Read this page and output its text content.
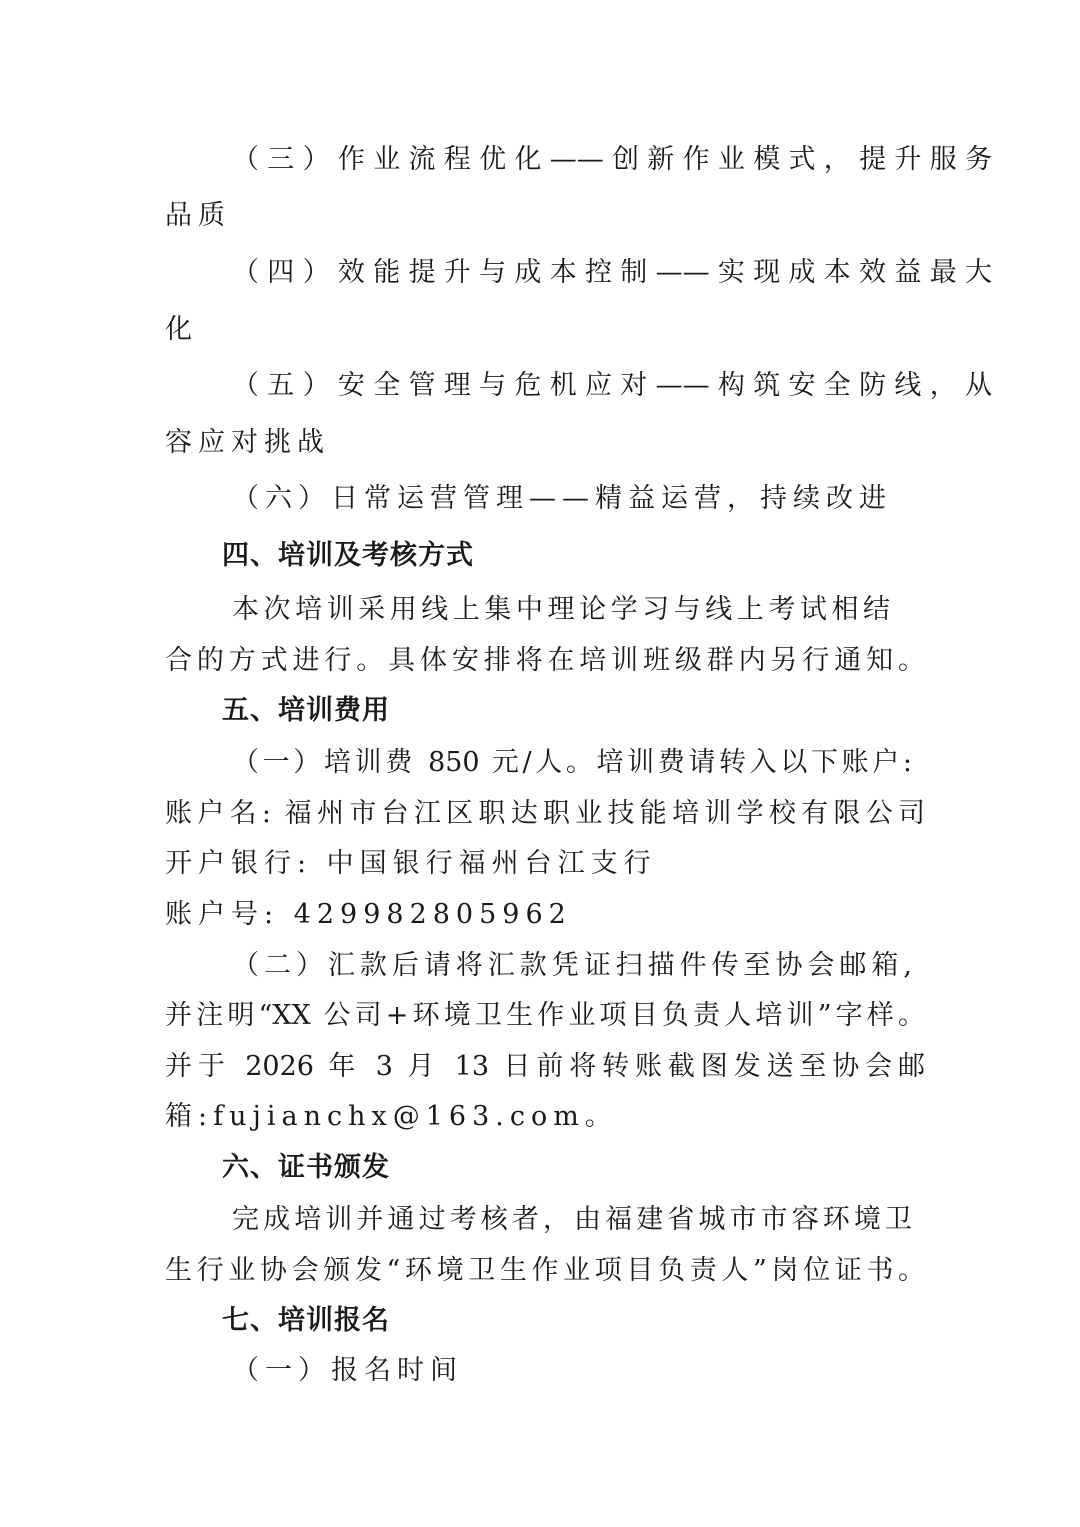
（三）作业流程优化——创新作业模式，提升服务
品质
（四）效能提升与成本控制——实现成本效益最大
化
（五）安全管理与危机应对——构筑安全防线，从
容应对挑战
（六）日常运营管理——精益运营，持续改进
四、培训及考核方式
本次培训采用线上集中理论学习与线上考试相结
合的方式进行。具体安排将在培训班级群内另行通知。
五、培训费用
（一）培训费 850 元/人。培训费请转入以下账户:
账户名: 福州市台江区职达职业技能培训学校有限公司
开户银行: 中国银行福州台江支行
账户号: 429982805962
（二）汇款后请将汇款凭证扫描件传至协会邮箱,
并注明“XX 公司+环境卫生作业项目负责人培训”字样。
并于 2026 年 3 月 13 日前将转账截图发送至协会邮
箱:fujianchx@163.com。
六、证书颁发
完成培训并通过考核者，由福建省城市市容环境卫
生行业协会颁发“环境卫生作业项目负责人”岗位证书。
七、培训报名
（一）报名时间
